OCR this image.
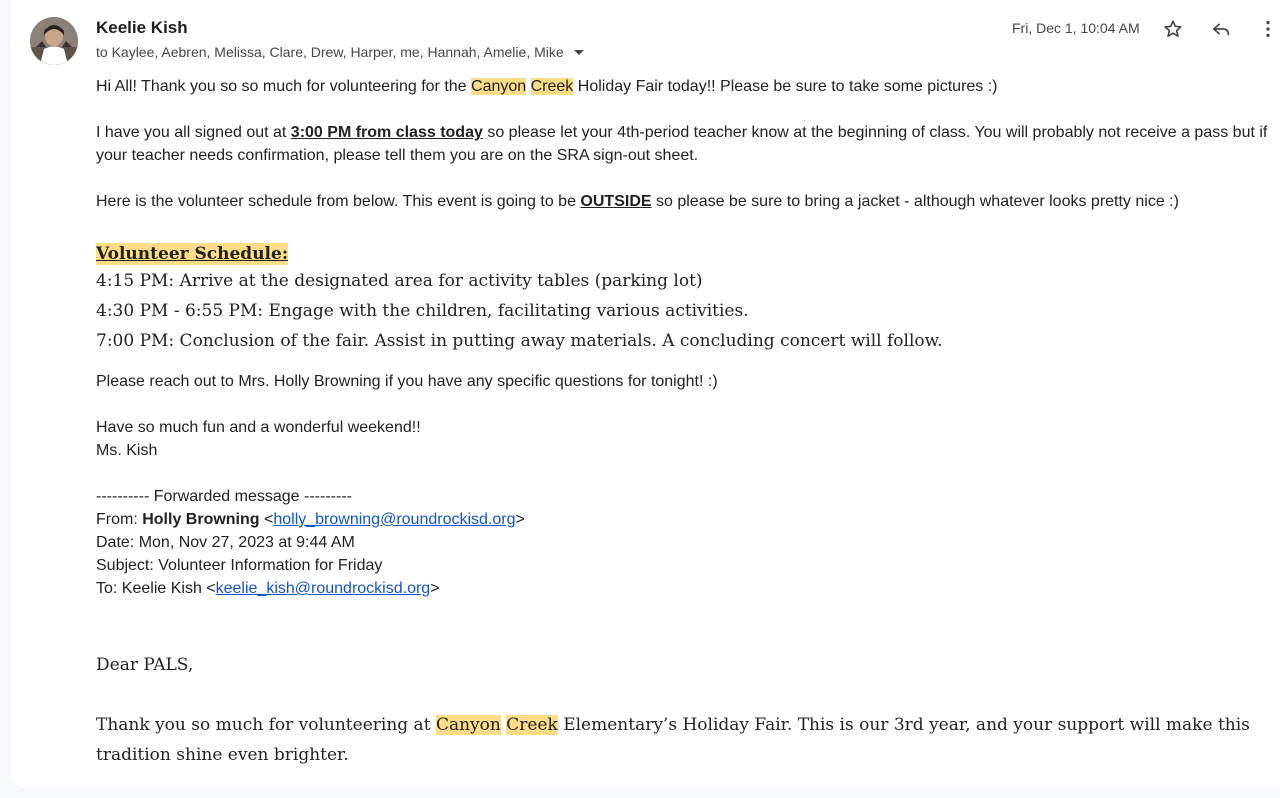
Keelie Kish
to Kaylee, Aebren, Melissa, Clare, Drew, Harper, me, Hannah, Amelie, Mike
Fri, Dec 1, 10:04 AM

Hi All! Thank you so so much for volunteering for the Canyon Creek Holiday Fair today!! Please be sure to take some pictures :)

I have you all signed out at 3:00 PM from class today so please let your 4th-period teacher know at the beginning of class. You will probably not receive a pass but if your teacher needs confirmation, please tell them you are on the SRA sign-out sheet.

Here is the volunteer schedule from below. This event is going to be OUTSIDE so please be sure to bring a jacket - although whatever looks pretty nice :)

Volunteer Schedule:
4:15 PM: Arrive at the designated area for activity tables (parking lot)
4:30 PM - 6:55 PM: Engage with the children, facilitating various activities.
7:00 PM: Conclusion of the fair. Assist in putting away materials. A concluding concert will follow.

Please reach out to Mrs. Holly Browning if you have any specific questions for tonight! :)

Have so much fun and a wonderful weekend!!

Ms. Kish

---------- Forwarded message ---------

From: Holly Browning <holly_browning@roundrockisd.org>

Date: Mon, Nov 27, 2023 at 9:44 AM

Subject: Volunteer Information for Friday

To: Keelie Kish <keelie_kish@roundrockisd.org>

Dear PALS,

Thank you so much for volunteering at Canyon Creek Elementary’s Holiday Fair. This is our 3rd year, and your support will make this tradition shine even brighter.
